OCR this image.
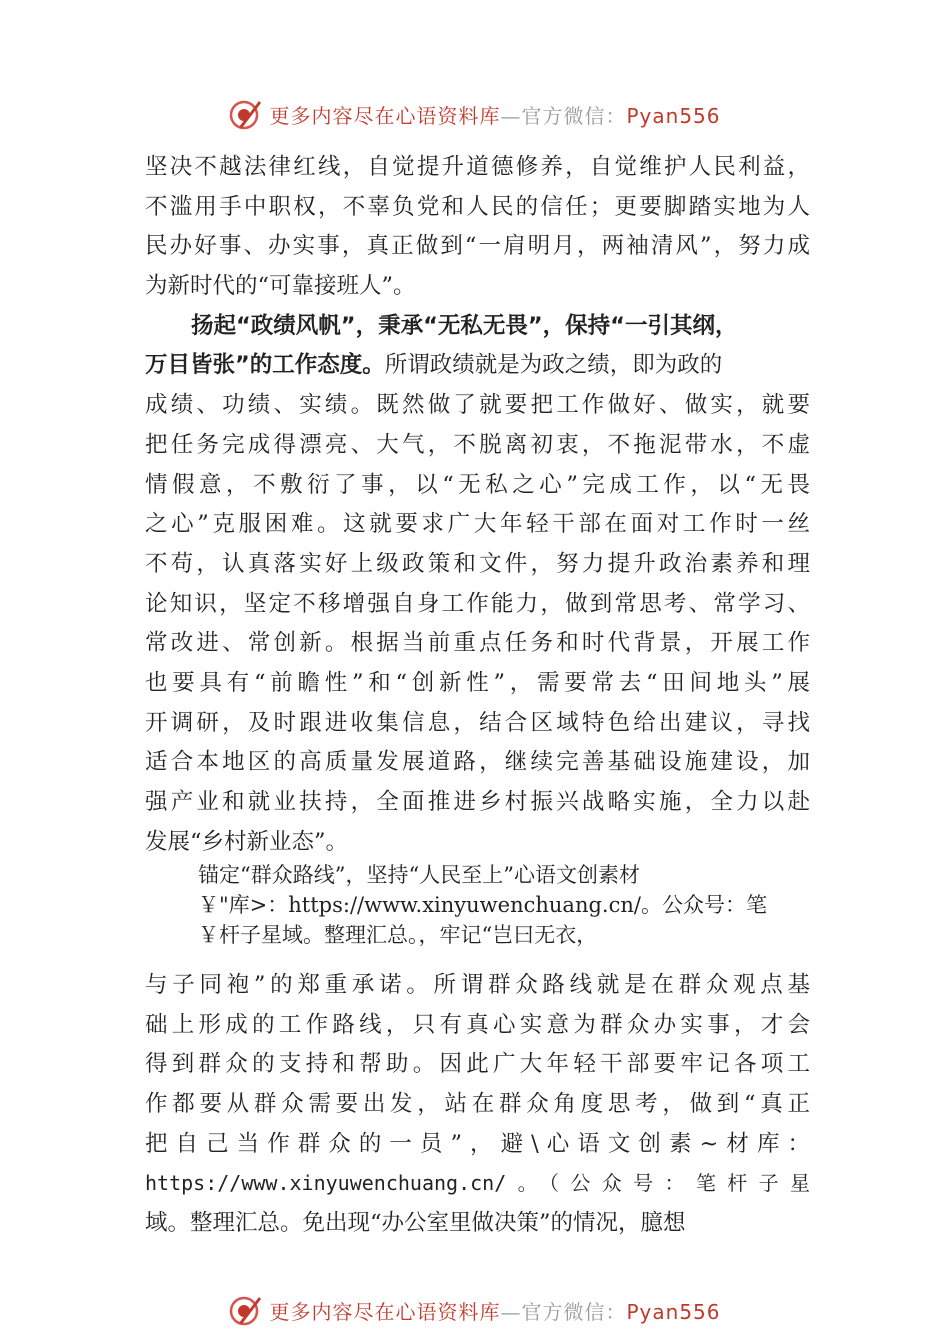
更多内容尽在心语资料库—官方微信：Pyan556
坚决不越法律红线，自觉提升道德修养，自觉维护人民利益，
不滥用手中职权，不辜负党和人民的信任；更要脚踏实地为人
民办好事、办实事，真正做到“一肩明月，两袖清风”，努力成
为新时代的“可靠接班人”。
扬起“政绩风帆”，秉承“无私无畏”，保持“一引其纲，
万目皆张”的工作态度。所谓政绩就是为政之绩，即为政的
成绩、功绩、实绩。既然做了就要把工作做好、做实，就要
把任务完成得漂亮、大气，不脱离初衷，不拖泥带水，不虚
情假意，不敷衍了事，以“无私之心”完成工作，以“无畏
之心”克服困难。这就要求广大年轻干部在面对工作时一丝
不苟，认真落实好上级政策和文件，努力提升政治素养和理
论知识，坚定不移增强自身工作能力，做到常思考、常学习、
常改进、常创新。根据当前重点任务和时代背景，开展工作
也要具有“前瞻性”和“创新性”，需要常去“田间地头”展
开调研，及时跟进收集信息，结合区域特色给出建议，寻找
适合本地区的高质量发展道路，继续完善基础设施建设，加
强产业和就业扶持，全面推进乡村振兴战略实施，全力以赴
发展“乡村新业态”。
锚定“群众路线”，坚持“人民至上”心语文创素材
￥"库>：https://www.xinyuwenchuang.cn/。公众号：笔
￥杆子星域。整理汇总。，牢记“岂曰无衣，
与子同袍”的郑重承诺。所谓群众路线就是在群众观点基
础上形成的工作路线，只有真心实意为群众办实事，才会
得到群众的支持和帮助。因此广大年轻干部要牢记各项工
作都要从群众需要出发，站在群众角度思考，做到“真正
把自己当作群众的一员”，避\心语文创素~材库：
https://www.xinyuwenchuang.cn/。（公众号：笔杆子星
域。整理汇总。免出现“办公室里做决策”的情况，臆想
更多内容尽在心语资料库—官方微信：Pyan556
